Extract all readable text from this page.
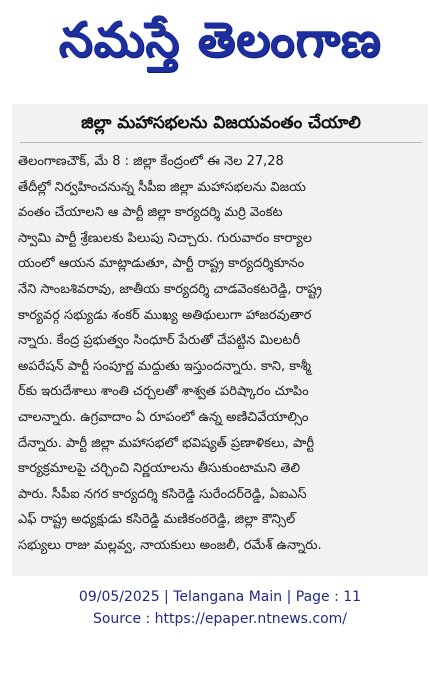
నమస్తే తెలంగాణ
జిల్లా మహాసభలను విజయవంతం చేయాలి
తెలంగాణచౌక్, మే 8 : జిల్లా కేంద్రంలో ఈ నెల 27,28
తేదీల్లో నిర్వహించనున్న సీపీఐ జిల్లా మహాసభలను విజయ
వంతం చేయాలని ఆ పార్టీ జిల్లా కార్యదర్శి మర్రి వెంకట
స్వామి పార్టీ శ్రేణులకు పిలుపు నిచ్చారు. గురువారం కార్యాల
యంలో ఆయన మాట్లాడుతూ, పార్టీ రాష్ట్ర కార్యదర్శికూనం
నేని సాంబశివరావు, జాతీయ కార్యదర్శి చాడవెంకటరెడ్డి, రాష్ట్ర
కార్యవర్గ సభ్యుడు శంకర్ ముఖ్య అతిథులుగా హాజరవుతార
న్నారు. కేంద్ర ప్రభుత్వం సింధూర్ పేరుతో చేపట్టిన మిలటరీ
అపరేషన్ పార్టీ సంపూర్ణ మద్దుతు ఇస్తుందన్నారు. కాని, కాశ్మీ
ర్‌కు ఇరుదేశాలు శాంతి చర్చలతో శాశ్వత పరిష్కారం చూపిం
చాలన్నారు. ఉగ్రవాదాం ఏ రూపంలో ఉన్న అణిచివేయాల్సిం
దేన్నారు. పార్టీ జిల్లా మహాసభలో భవిష్యత్ ప్రణాళికలు, పార్టీ
కార్యక్రమాలపై చర్చించి నిర్ణయాలను తీసుకుంటామని తెలి
పారు. సీపీఐ నగర కార్యదర్శి కసిరెడ్డి సురేందర్‌రెడ్డి, ఏఐఎస్
ఎఫ్ రాష్ట్ర అధ్యక్షుడు కసిరెడ్డి మణికంఠరెడ్డి, జిల్లా కౌన్సిల్
సభ్యులు రాజు మల్లవ్వ, నాయకులు అంజలీ, రమేశ్ ఉన్నారు.
09/05/2025 | Telangana Main | Page : 11
Source : https://epaper.ntnews.com/
